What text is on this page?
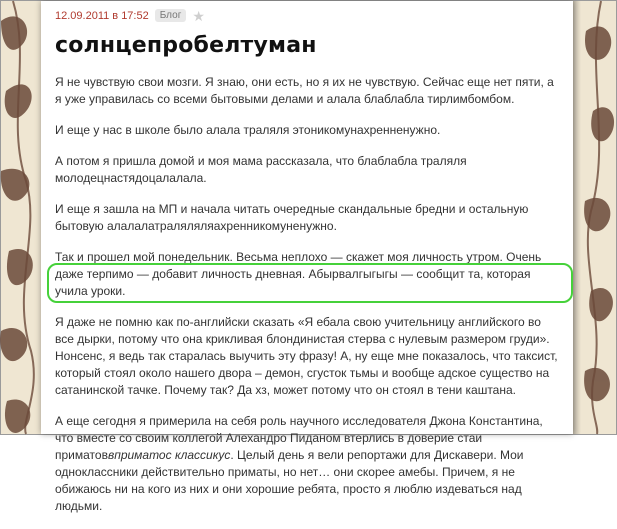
12.09.2011 в 17:52	Блог ★
солнцепробелтуман

Я не чувствую свои мозги. Я знаю, они есть, но я их не чувствую. Сейчас еще нет пяти, а я уже управилась со всеми бытовыми делами и алала блаблабла тирлимбомбом.

И еще у нас в школе было алала траляля этоникомунахренненужно.

А потом я пришла домой и моя мама рассказала, что блаблабла траляля молодецнастядоцалалала.

И еще я зашла на МП и начала читать очередные скандальные бредни и остальную бытовую алалалатраляляляахренникомуненужно.

Так и прошел мой понедельник. Весьма неплохо — скажет моя личность утром. Очень даже терпимо — добавит личность дневная. Абырвалгыгыгы — сообщит та, которая учила уроки.

Я даже не помню как по-английски сказать «Я ебала свою учительницу английского во все дырки, потому что она крикливая блондинистая стерва с нулевым размером груди». Нонсенс, я ведь так старалась выучить эту фразу! А, ну еще мне показалось, что таксист, который стоял около нашего двора – демон, сгусток тьмы и вообще адское существо на сатанинской тачке. Почему так? Да хз, может потому что он стоял в тени каштана.

А еще сегодня я примерила на себя роль научного исследователя Джона Константина, что вместе со своим коллегой Алехандро Пиданом втерлись в доверие стаи приматоввприматос классикус. Целый день я вели репортажи для Дискавери. Мои одноклассники действительно приматы, но нет… они скорее амебы. Причем, я не обижаюсь ни на кого из них и они хорошие ребята, просто я люблю издеваться над людьми.
